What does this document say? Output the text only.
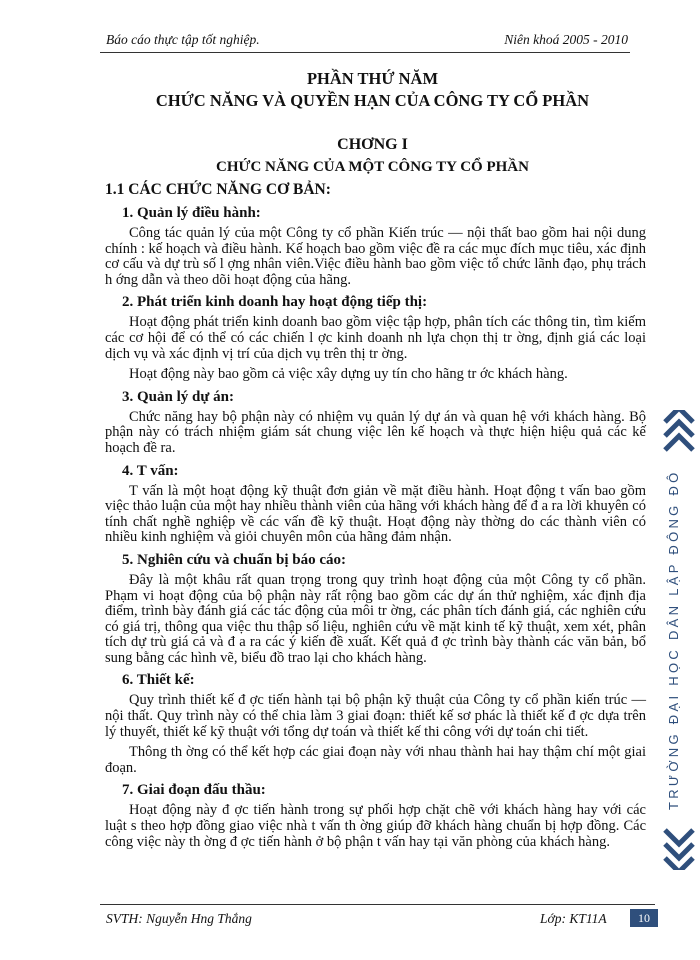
Báo cáo thực tập tốt nghiệp.	Niên khoá 2005 - 2010
PHẦN THỨ NĂM
CHỨC NĂNG VÀ QUYỀN HẠN CỦA CÔNG TY CỔ PHẦN
CHƠNG I
CHỨC NĂNG CỦA MỘT CÔNG TY CỔ PHẦN
1.1 CÁC CHỨC NĂNG CƠ BẢN:
1. Quản lý điều hành:
Công tác quản lý của một Công ty cổ phần Kiến trúc — nội thất bao gồm hai nội dung chính : kế hoạch và điều hành. Kế hoạch bao gồm việc đề ra các mục đích mục tiêu, xác định cơ cấu và dự trù số l ợng nhân viên.Việc điều hành bao gồm việc tổ chức lãnh đạo, phụ trách h ớng dẫn và theo dõi hoạt động của hãng.
2. Phát triển kinh doanh hay hoạt động tiếp thị:
Hoạt động phát triển kinh doanh bao gồm việc tập hợp, phân tích các thông tin, tìm kiếm các cơ hội để có thể có các chiến l ợc kinh doanh nh lựa chọn thị tr ờng, định giá các loại dịch vụ và xác định vị trí của dịch vụ trên thị tr ờng.
Hoạt động này bao gồm cả việc xây dựng uy tín cho hãng tr ớc khách hàng.
3. Quản lý dự án:
Chức năng hay bộ phận này có nhiệm vụ quản lý dự án và quan hệ với khách hàng. Bộ phận này có trách nhiệm giám sát chung việc lên kế hoạch và thực hiện hiệu quả các kế hoạch đề ra.
4. T vấn:
T vấn là một hoạt động kỹ thuật đơn giản về mặt điều hành. Hoạt động t vấn bao gồm việc thảo luận của một hay nhiều thành viên của hãng với khách hàng để đ a ra lời khuyên có tính chất nghề nghiệp về các vấn đề kỹ thuật. Hoạt động này thờng do các thành viên có nhiều kinh nghiệm và giỏi chuyên môn của hãng đảm nhận.
5. Nghiên cứu và chuẩn bị báo cáo:
Đây là một khâu rất quan trọng trong quy trình hoạt động của một Công ty cổ phần. Phạm vi hoạt động của bộ phận này rất rộng bao gồm các dự án thử nghiệm, xác định địa điểm, trình bày đánh giá các tác động của môi tr ờng, các phân tích đánh giá, các nghiên cứu có giá trị, thông qua việc thu thập số liệu, nghiên cứu về mặt kinh tế kỹ thuật, xem xét, phân tích dự trù giá cả và đ a ra các ý kiến đề xuất. Kết quả đ ợc trình bày thành các văn bản, bổ sung bằng các hình vẽ, biểu đồ trao lại cho khách hàng.
6. Thiết kế:
Quy trình thiết kế đ ợc tiến hành tại bộ phận kỹ thuật của Công ty cổ phần kiến trúc — nội thất. Quy trình này có thể chia làm 3 giai đoạn: thiết kế sơ phác là thiết kế đ ợc dựa trên lý thuyết, thiết kế kỹ thuật với tổng dự toán và thiết kế thi công với dự toán chi tiết.
Thông th ờng có thể kết hợp các giai đoạn này với nhau thành hai hay thậm chí một giai đoạn.
7. Giai đoạn đấu thầu:
Hoạt động này đ ợc tiến hành trong sự phối hợp chặt chẽ với khách hàng hay với các luật s theo hợp đồng giao việc nhà t vấn th ờng giúp đỡ khách hàng chuẩn bị hợp đồng. Các công việc này th ờng đ ợc tiến hành ở bộ phận t vấn hay tại văn phòng của khách hàng.
SVTH: Nguyễn Hng Thắng	Lớp: KT11A	10
TRƯỜNG ĐẠI HỌC DÂN LẬP ĐÔNG ĐÔ
